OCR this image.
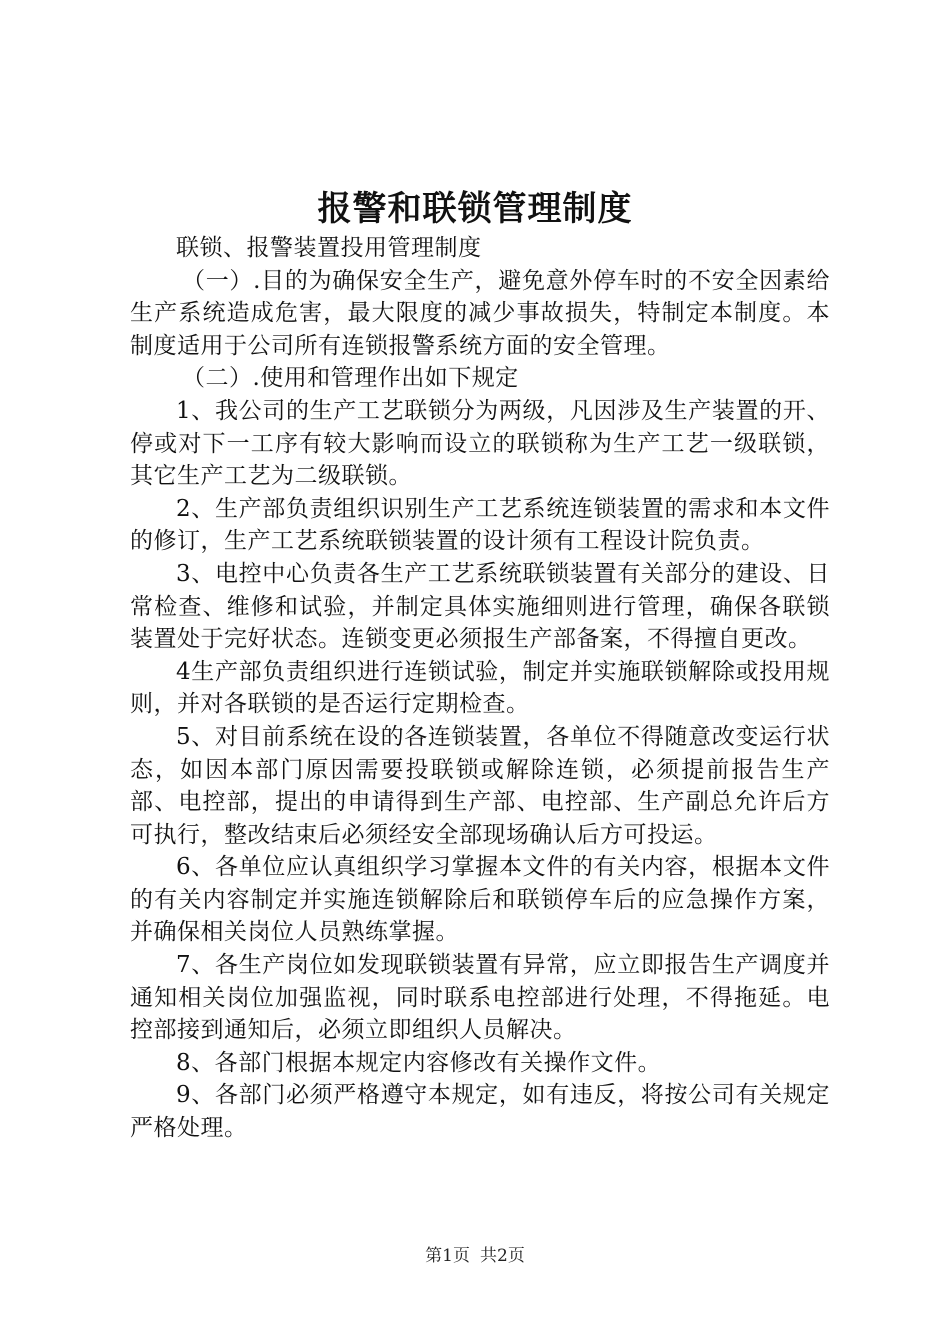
报警和联锁管理制度

联锁、报警装置投用管理制度

（一）.目的为确保安全生产，避免意外停车时的不安全因素给生产系统造成危害，最大限度的减少事故损失，特制定本制度。本制度适用于公司所有连锁报警系统方面的安全管理。

（二）.使用和管理作出如下规定

1、我公司的生产工艺联锁分为两级，凡因涉及生产装置的开、停或对下一工序有较大影响而设立的联锁称为生产工艺一级联锁，其它生产工艺为二级联锁。

2、生产部负责组织识别生产工艺系统连锁装置的需求和本文件的修订，生产工艺系统联锁装置的设计须有工程设计院负责。

3、电控中心负责各生产工艺系统联锁装置有关部分的建设、日常检查、维修和试验，并制定具体实施细则进行管理，确保各联锁装置处于完好状态。连锁变更必须报生产部备案，不得擅自更改。

4生产部负责组织进行连锁试验，制定并实施联锁解除或投用规则，并对各联锁的是否运行定期检查。

5、对目前系统在设的各连锁装置，各单位不得随意改变运行状态，如因本部门原因需要投联锁或解除连锁，必须提前报告生产部、电控部，提出的申请得到生产部、电控部、生产副总允许后方可执行，整改结束后必须经安全部现场确认后方可投运。

6、各单位应认真组织学习掌握本文件的有关内容，根据本文件的有关内容制定并实施连锁解除后和联锁停车后的应急操作方案，并确保相关岗位人员熟练掌握。

7、各生产岗位如发现联锁装置有异常，应立即报告生产调度并通知相关岗位加强监视，同时联系电控部进行处理，不得拖延。电控部接到通知后，必须立即组织人员解决。

8、各部门根据本规定内容修改有关操作文件。

9、各部门必须严格遵守本规定，如有违反，将按公司有关规定严格处理。

第1页 共2页
